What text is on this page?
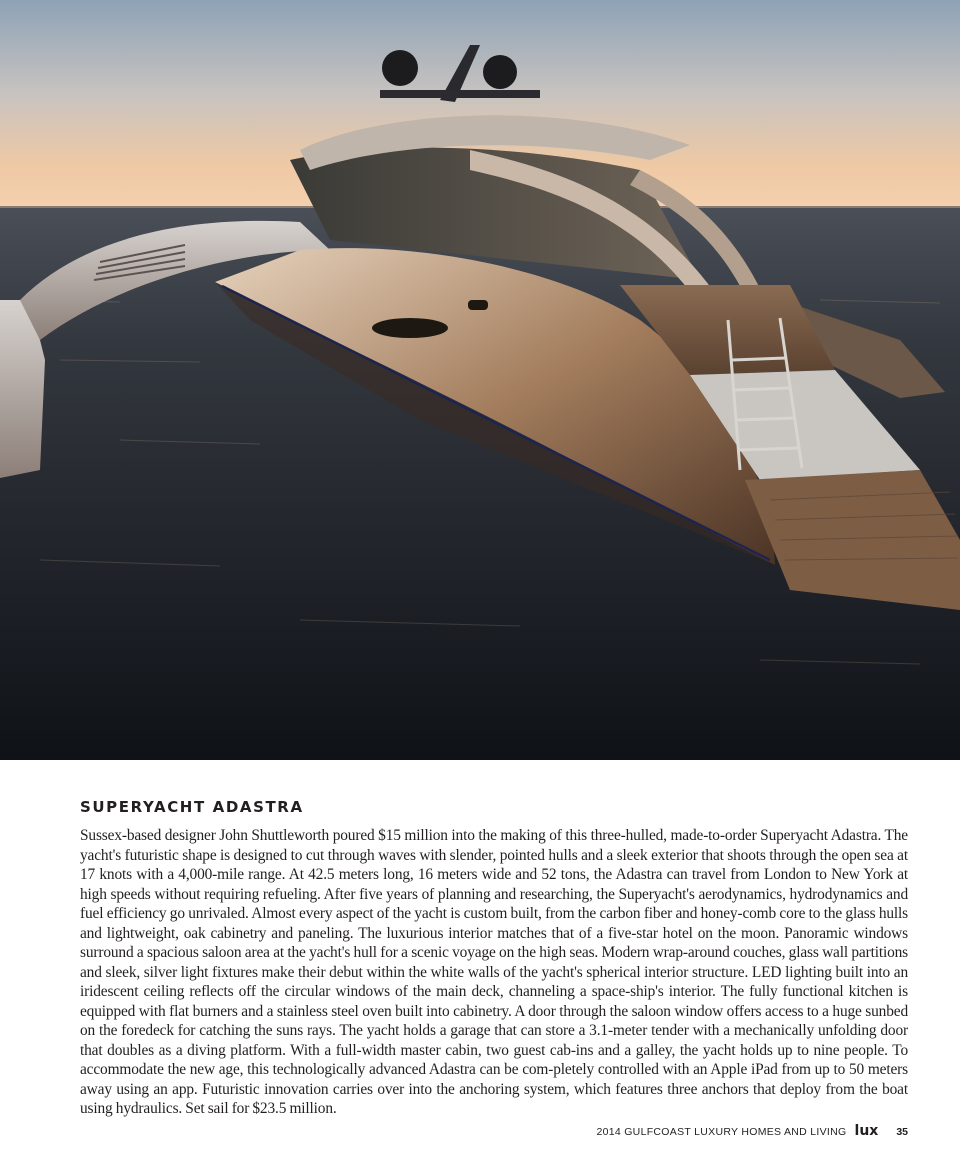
SUPERYACHT ADASTRA

Sussex-based designer John Shuttleworth poured $15 million into the making of this three-hulled, made-to-order Superyacht Adastra. The yacht's futuristic shape is designed to cut through waves with slender, pointed hulls and a sleek exterior that shoots through the open sea at 17 knots with a 4,000-mile range. At 42.5 meters long, 16 meters wide and 52 tons, the Adastra can travel from London to New York at high speeds without requiring refueling. After five years of planning and researching, the Superyacht's aerodynamics, hydrodynamics and fuel efficiency go unrivaled. Almost every aspect of the yacht is custom built, from the carbon fiber and honey-comb core to the glass hulls and lightweight, oak cabinetry and paneling. The luxurious interior matches that of a five-star hotel on the moon. Panoramic windows surround a spacious saloon area at the yacht's hull for a scenic voyage on the high seas. Modern wrap-around couches, glass wall partitions and sleek, silver light fixtures make their debut within the white walls of the yacht's spherical interior structure. LED lighting built into an iridescent ceiling reflects off the circular windows of the main deck, channeling a space-ship's interior. The fully functional kitchen is equipped with flat burners and a stainless steel oven built into cabinetry. A door through the saloon window offers access to a huge sunbed on the foredeck for catching the suns rays. The yacht holds a garage that can store a 3.1-meter tender with a mechanically unfolding door that doubles as a diving platform. With a full-width master cabin, two guest cab-ins and a galley, the yacht holds up to nine people. To accommodate the new age, this technologically advanced Adastra can be com-pletely controlled with an Apple iPad from up to 50 meters away using an app. Futuristic innovation carries over into the anchoring system, which features three anchors that deploy from the boat using hydraulics. Set sail for $23.5 million.

2014 GULFCOAST LUXURY HOMES AND LIVING lux 35
